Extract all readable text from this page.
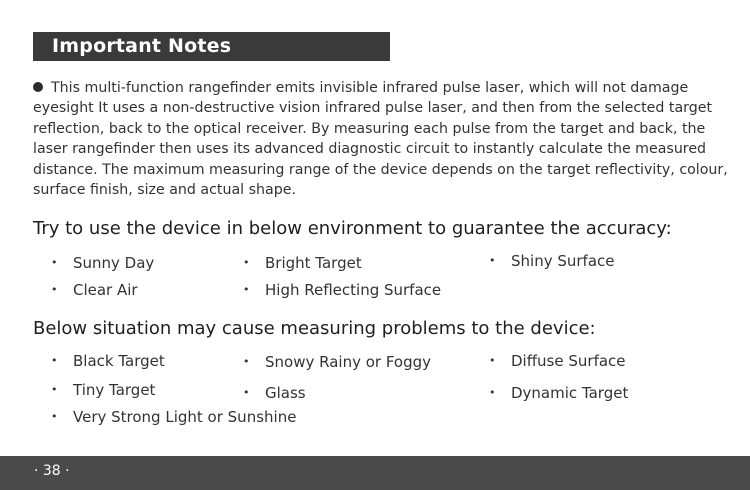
Important Notes
This multi-function rangefinder emits invisible infrared pulse laser, which will not damage eyesight It uses a non-destructive vision infrared pulse laser, and then from the selected target reflection, back to the optical receiver. By measuring each pulse from the target and back, the laser rangefinder then uses its advanced diagnostic circuit to instantly calculate the measured distance. The maximum measuring range of the device depends on the target reflectivity, colour, surface finish, size and actual shape.
Try to use the device in below environment to guarantee the accuracy:
• Sunny Day	• Bright Target	• Shiny Surface
• Clear Air	• High Reflecting Surface
Below situation may cause measuring problems to the device:
• Black Target	• Snowy Rainy or Foggy	• Diffuse Surface
• Tiny Target	• Glass	• Dynamic Target
• Very Strong Light or Sunshine
· 38 ·
